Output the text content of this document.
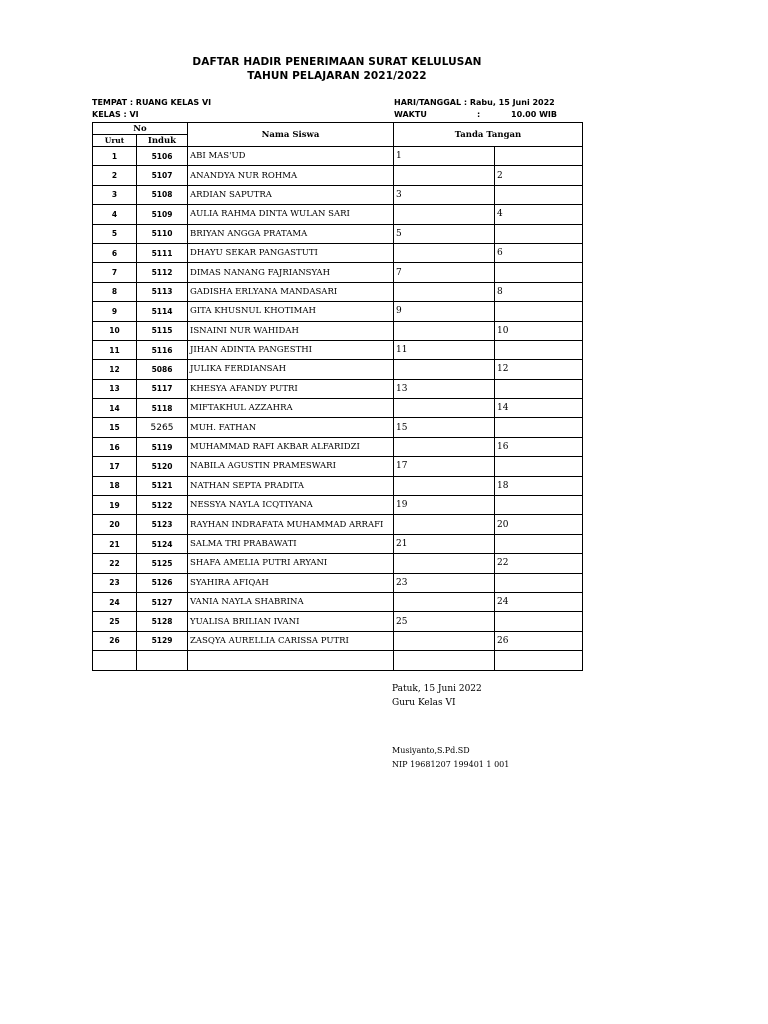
DAFTAR HADIR PENERIMAAN SURAT KELULUSAN
TAHUN PELAJARAN 2021/2022
TEMPAT : RUANG KELAS VI
KELAS : VI
HARI/TANGGAL : Rabu, 15 Juni 2022
WAKTU	:	10.00 WIB
No		Nama Siswa	Tanda Tangan	
Urut	Induk			
1	5106	ABI MAS'UD	1	
2	5107	ANANDYA NUR ROHMA		2
3	5108	ARDIAN SAPUTRA	3	
4	5109	AULIA RAHMA DINTA WULAN SARI		4
5	5110	BRIYAN ANGGA PRATAMA	5	
6	5111	DHAYU SEKAR PANGASTUTI		6
7	5112	DIMAS NANANG FAJRIANSYAH	7	
8	5113	GADISHA ERLYANA MANDASARI		8
9	5114	GITA KHUSNUL KHOTIMAH	9	
10	5115	ISNAINI NUR WAHIDAH		10
11	5116	JIHAN ADINTA PANGESTHI	11	
12	5086	JULIKA FERDIANSAH		12
13	5117	KHESYA AFANDY PUTRI	13	
14	5118	MIFTAKHUL AZZAHRA		14
15	5265	MUH. FATHAN	15	
16	5119	MUHAMMAD RAFI AKBAR ALFARIDZI		16
17	5120	NABILA AGUSTIN PRAMESWARI	17	
18	5121	NATHAN SEPTA PRADITA		18
19	5122	NESSYA NAYLA ICQTIYANA	19	
20	5123	RAYHAN INDRAFATA MUHAMMAD ARRAFI		20
21	5124	SALMA TRI PRABAWATI	21	
22	5125	SHAFA AMELIA PUTRI ARYANI		22
23	5126	SYAHIRA AFIQAH	23	
24	5127	VANIA NAYLA SHABRINA		24
25	5128	YUALISA BRILIAN IVANI	25	
26	5129	ZASQYA AURELLIA CARISSA PUTRI		26

Patuk, 15 Juni 2022
Guru Kelas VI
Musiyanto,S.Pd.SD
NIP 19681207 199401 1 001
